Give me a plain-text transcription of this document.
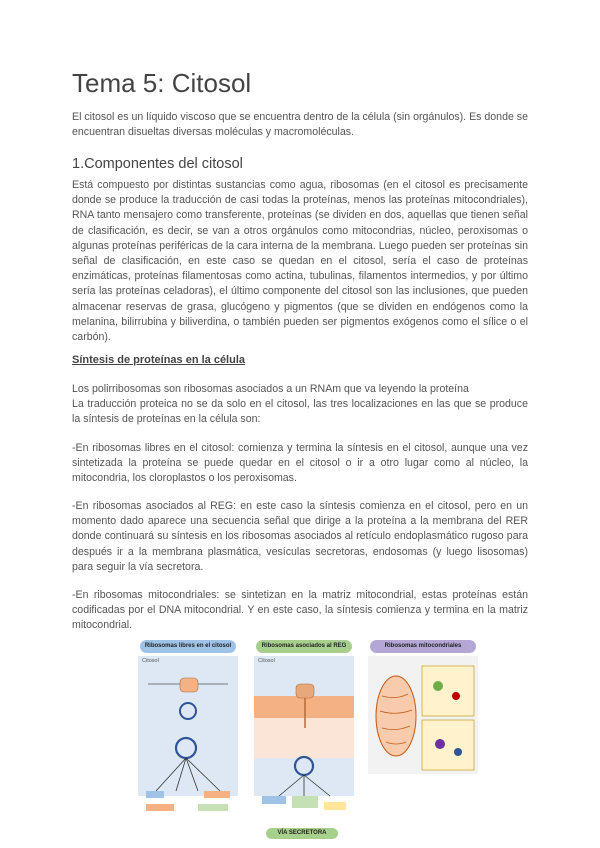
Tema 5: Citosol

El citosol es un líquido viscoso que se encuentra dentro de la célula (sin orgánulos). Es donde se encuentran disueltas diversas moléculas y macromoléculas.

1.Componentes del citosol

Está compuesto por distintas sustancias como agua, ribosomas (en el citosol es precisamente donde se produce la traducción de casi todas la proteínas, menos las proteínas mitocondriales), RNA tanto mensajero como transferente, proteínas (se dividen en dos, aquellas que tienen señal de clasificación, es decir, se van a otros orgánulos como mitocondrias, núcleo, peroxisomas o algunas proteínas periféricas de la cara interna de la membrana. Luego pueden ser proteínas sin señal de clasificación, en este caso se quedan en el citosol, sería el caso de proteínas enzimáticas, proteínas filamentosas como actina, tubulinas, filamentos intermedios, y por último sería las proteínas celadoras), el último componente del citosol son las inclusiones, que pueden almacenar reservas de grasa, glucógeno y pigmentos (que se dividen en endógenos como la melanina, bilirrubina y biliverdina, o también pueden ser pigmentos exógenos como el sílice o el carbón).

Síntesis de proteínas en la célula

Los polirribosomas son ribosomas asociados a un RNAm que va leyendo la proteína

La traducción proteica no se da solo en el citosol, las tres localizaciones en las que se produce la síntesis de proteínas en la célula son:

-En ribosomas libres en el citosol: comienza y termina la síntesis en el citosol, aunque una vez sintetizada la proteína se puede quedar en el citosol o ir a otro lugar como al núcleo, la mitocondria, los cloroplastos o los peroxisomas.

-En ribosomas asociados al REG: en este caso la síntesis comienza en el citosol, pero en un momento dado aparece una secuencia señal que dirige a la proteína a la membrana del RER donde continuará su síntesis en los ribosomas asociados al retículo endoplasmático rugoso para después ir a la membrana plasmática, vesículas secretoras, endosomas (y luego lisosomas) para seguir la vía secretora.

-En ribosomas mitocondriales: se sintetizan en la matriz mitocondrial, estas proteínas están codificadas por el DNA mitocondrial. Y en este caso, la síntesis comienza y termina en la matriz mitocondrial.

Ribosomas libres en el citosol
Citosol
Ribosomas asociados al REG
Citosol
Ribosomas mitocondriales
VÍA SECRETORA
